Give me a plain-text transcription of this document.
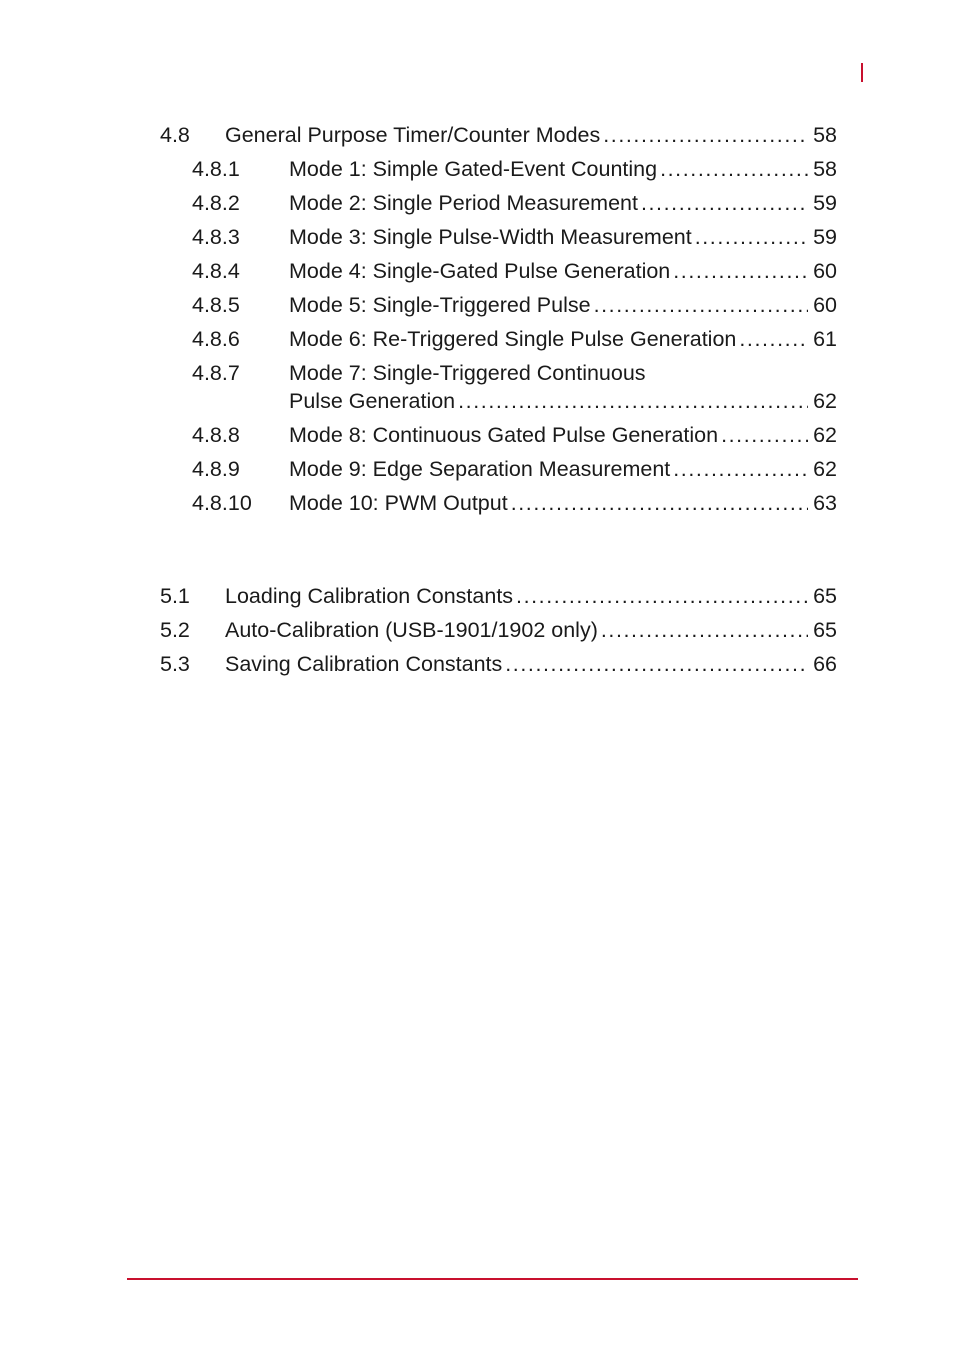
4.8 General Purpose Timer/Counter Modes . . .	58
4.8.1 Mode 1: Simple Gated-Event Counting . . .	58
4.8.2 Mode 2: Single Period Measurement . . .	59
4.8.3 Mode 3: Single Pulse-Width Measurement . . .	59
4.8.4 Mode 4: Single-Gated Pulse Generation . . .	60
4.8.5 Mode 5: Single-Triggered Pulse . . .	60
4.8.6 Mode 6: Re-Triggered Single Pulse Generation . . .	61
4.8.7 Mode 7: Single-Triggered Continuous
Pulse Generation . . .	62
4.8.8 Mode 8: Continuous Gated Pulse Generation . . .	62
4.8.9 Mode 9: Edge Separation Measurement . . .	62
4.8.10 Mode 10: PWM Output . . .	63
5.1 Loading Calibration Constants . . .	65
5.2 Auto-Calibration (USB-1901/1902 only) . . .	65
5.3 Saving Calibration Constants . . .	66
